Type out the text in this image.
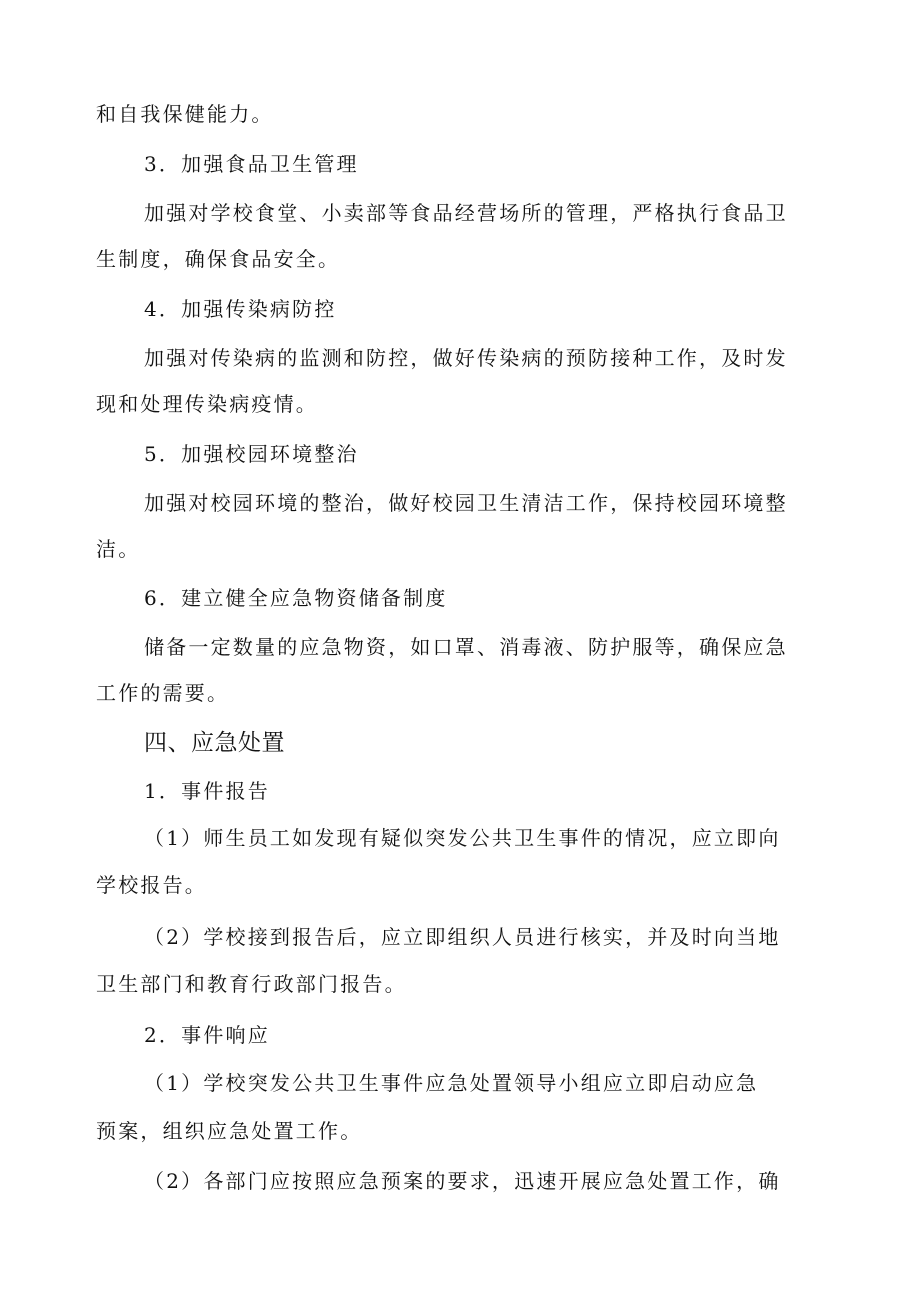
和自我保健能力。
3．加强食品卫生管理
加强对学校食堂、小卖部等食品经营场所的管理，严格执行食品卫
生制度，确保食品安全。
4．加强传染病防控
加强对传染病的监测和防控，做好传染病的预防接种工作，及时发
现和处理传染病疫情。
5．加强校园环境整治
加强对校园环境的整治，做好校园卫生清洁工作，保持校园环境整
洁。
6．建立健全应急物资储备制度
储备一定数量的应急物资，如口罩、消毒液、防护服等，确保应急
工作的需要。
四、应急处置
1．事件报告
（1）师生员工如发现有疑似突发公共卫生事件的情况，应立即向
学校报告。
（2）学校接到报告后，应立即组织人员进行核实，并及时向当地
卫生部门和教育行政部门报告。
2．事件响应
（1）学校突发公共卫生事件应急处置领导小组应立即启动应急
预案，组织应急处置工作。
（2）各部门应按照应急预案的要求，迅速开展应急处置工作，确
